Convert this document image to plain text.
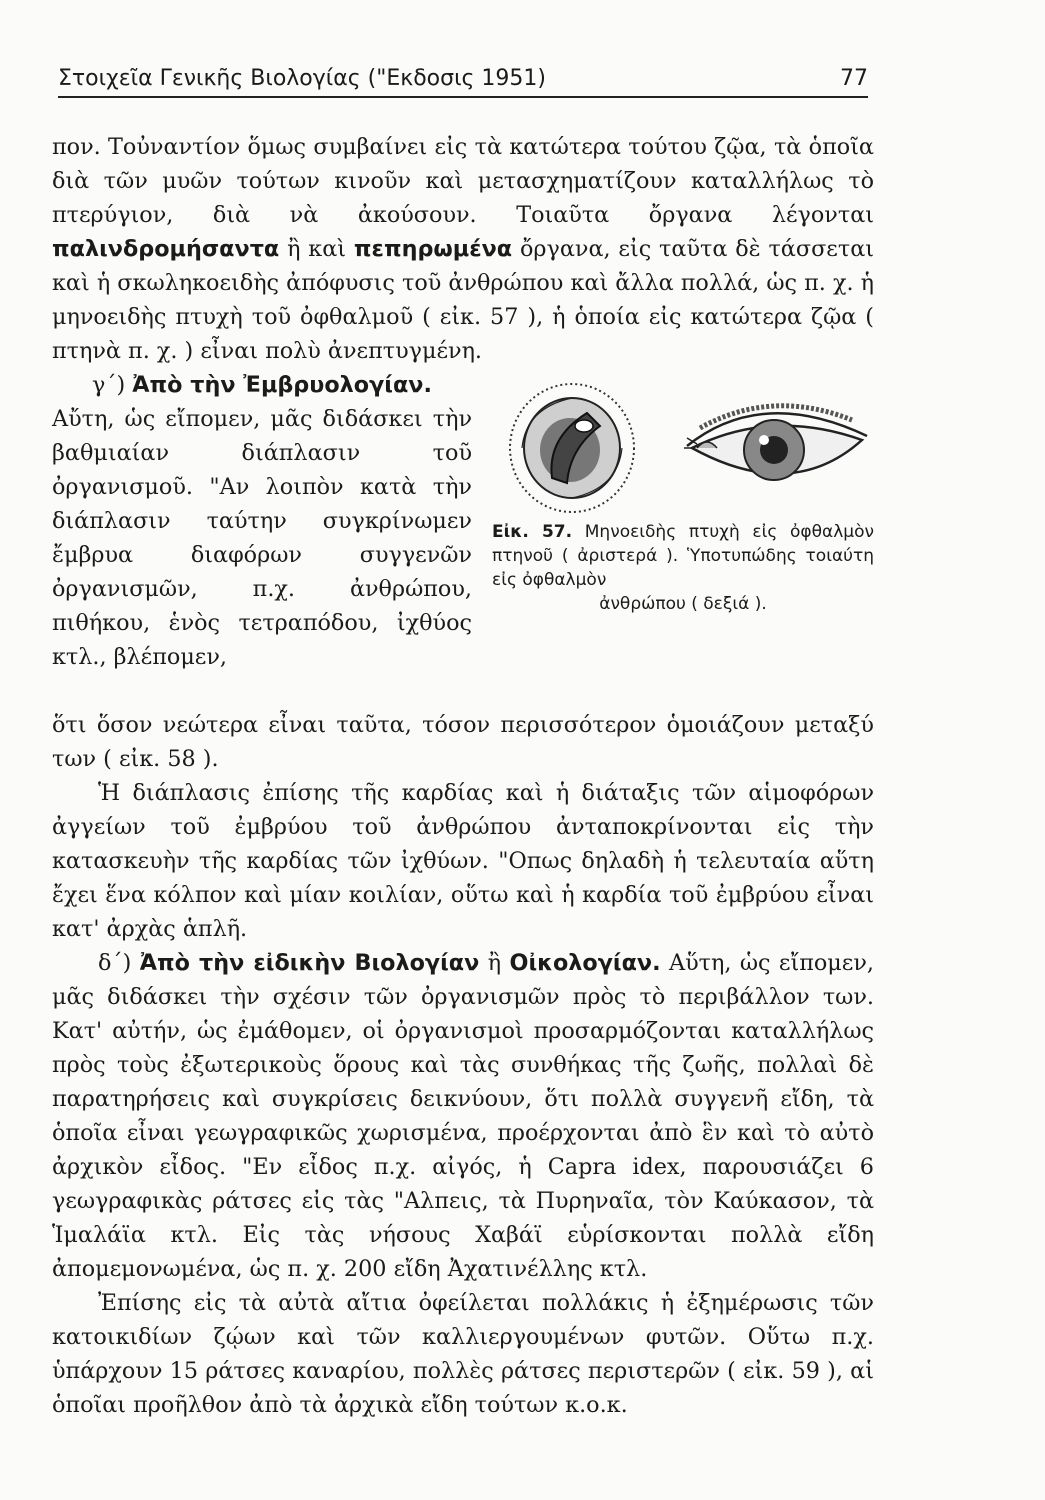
Στοιχεῖα Γενικῆς Βιολογίας ("Εκδοσις 1951)	77

πον. Τοὐναντίον ὅμως συμβαίνει εἰς τὰ κατώτερα τούτου ζῷα, τὰ ὁποῖα διὰ τῶν μυῶν τούτων κινοῦν καὶ μετασχηματίζουν καταλλήλως τὸ πτερύγιον, διὰ νὰ ἀκούσουν. Τοιαῦτα ὄργανα λέγονται παλινδρομήσαντα ἢ καὶ πεπηρωμένα ὄργανα, εἰς ταῦτα δὲ τάσσεται καὶ ἡ σκωληκοειδὴς ἀπόφυσις τοῦ ἀνθρώπου καὶ ἄλλα πολλά, ὡς π. χ. ἡ μηνοειδὴς πτυχὴ τοῦ ὀφθαλμοῦ ( εἰκ. 57 ), ἡ ὁποία εἰς κατώτερα ζῷα ( πτηνὰ π. χ. ) εἶναι πολὺ ἀνεπτυγμένη.

γ΄) Ἀπὸ τὴν Ἐμβρυολογίαν.

Αὔτη, ὡς εἴπομεν, μᾶς διδάσκει τὴν βαθμιαίαν διάπλασιν τοῦ ὀργανισμοῦ. "Αν λοιπὸν κατὰ τὴν διάπλασιν ταύτην συγκρίνωμεν ἔμβρυα διαφόρων συγγενῶν ὀργανισμῶν, π.χ. ἀνθρώπου, πιθήκου, ἑνὸς τετραπόδου, ἰχθύος κτλ., βλέπομεν,

Εἰκ. 57. Μηνοειδὴς πτυχὴ εἰς ὀφθαλμὸν πτηνοῦ ( ἀριστερά ). Ὑποτυπώδης τοιαύτη εἰς ὀφθαλμὸν
ἀνθρώπου ( δεξιά ).

ὅτι ὅσον νεώτερα εἶναι ταῦτα, τόσον περισσότερον ὁμοιάζουν μεταξύ των ( εἰκ. 58 ).

Ἡ διάπλασις ἐπίσης τῆς καρδίας καὶ ἡ διάταξις τῶν αἱμοφόρων ἀγγείων τοῦ ἐμβρύου τοῦ ἀνθρώπου ἀνταποκρίνονται εἰς τὴν κατασκευὴν τῆς καρδίας τῶν ἰχθύων. "Οπως δηλαδὴ ἡ τελευταία αὕτη ἔχει ἕνα κόλπον καὶ μίαν κοιλίαν, οὕτω καὶ ἡ καρδία τοῦ ἐμβρύου εἶναι κατ' ἀρχὰς ἁπλῆ.

δ΄) Ἀπὸ τὴν εἰδικὴν Βιολογίαν ἢ Οἰκολογίαν. Αὕτη, ὡς εἴπομεν, μᾶς διδάσκει τὴν σχέσιν τῶν ὀργανισμῶν πρὸς τὸ περιβάλλον των. Κατ' αὐτήν, ὡς ἐμάθομεν, οἱ ὀργανισμοὶ προσαρμόζονται καταλλήλως πρὸς τοὺς ἐξωτερικοὺς ὅρους καὶ τὰς συνθήκας τῆς ζωῆς, πολλαὶ δὲ παρατηρήσεις καὶ συγκρίσεις δεικνύουν, ὅτι πολλὰ συγγενῆ εἴδη, τὰ ὁποῖα εἶναι γεωγραφικῶς χωρισμένα, προέρχονται ἀπὸ ἓν καὶ τὸ αὐτὸ ἀρχικὸν εἶδος. "Εν εἶδος π.χ. αἰγός, ἡ Capra idex, παρουσιάζει 6 γεωγραφικὰς ράτσες εἰς τὰς "Αλπεις, τὰ Πυρηναῖα, τὸν Καύκασον, τὰ Ἱμαλάϊα κτλ. Εἰς τὰς νήσους Χαβάϊ εὑρίσκονται πολλὰ εἴδη ἀπομεμονωμένα, ὡς π. χ. 200 εἴδη Ἀχατινέλλης κτλ.

Ἐπίσης εἰς τὰ αὐτὰ αἴτια ὀφείλεται πολλάκις ἡ ἐξημέρωσις τῶν κατοικιδίων ζῴων καὶ τῶν καλλιεργουμένων φυτῶν. Οὕτω π.χ. ὑπάρχουν 15 ράτσες καναρίου, πολλὲς ράτσες περιστερῶν ( εἰκ. 59 ), αἱ ὁποῖαι προῆλθον ἀπὸ τὰ ἀρχικὰ εἴδη τούτων κ.ο.κ.
